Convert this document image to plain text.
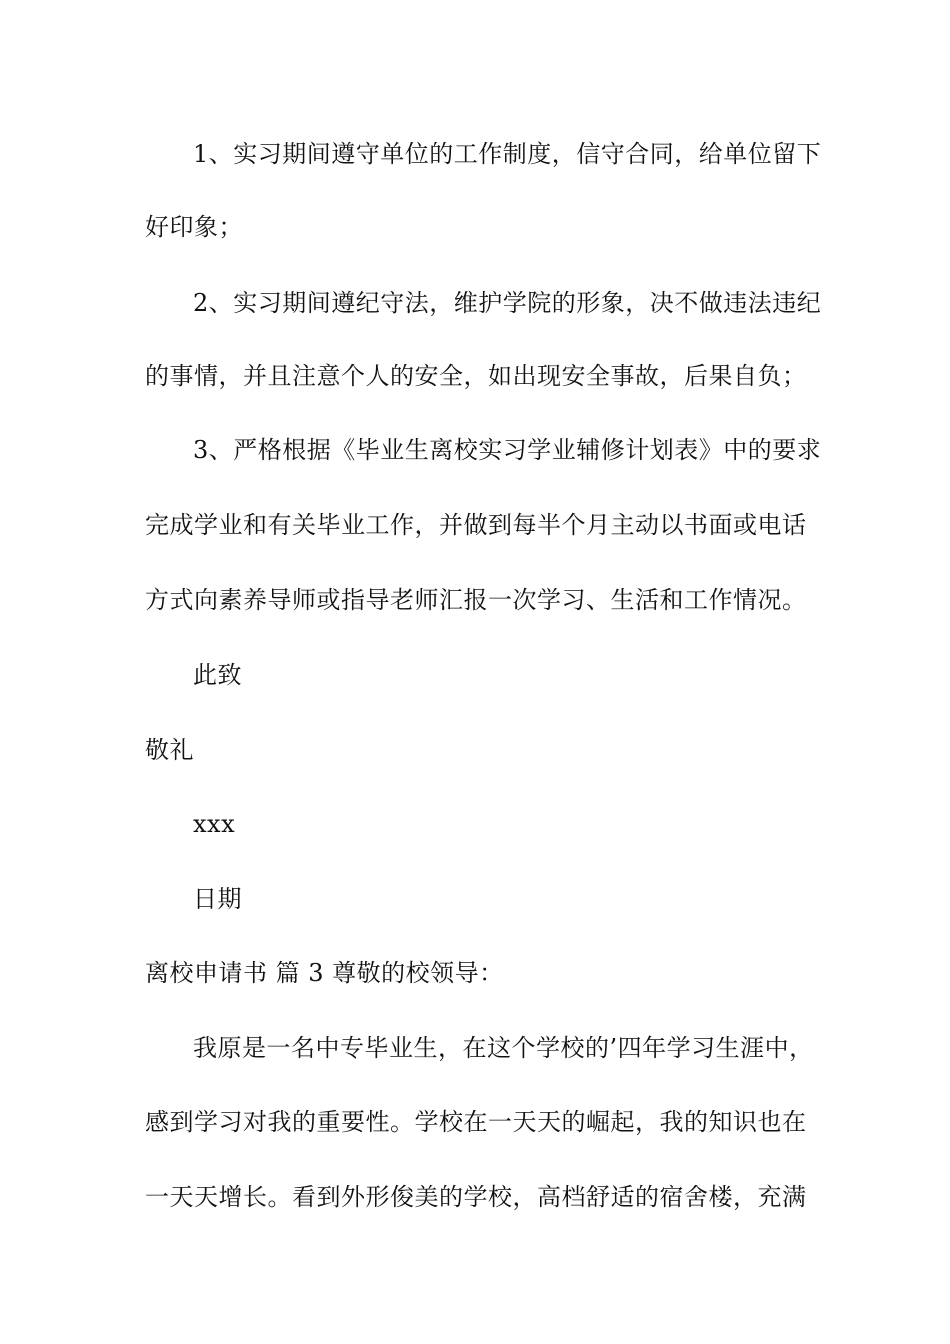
1、实习期间遵守单位的工作制度，信守合同，给单位留下
好印象；
2、实习期间遵纪守法，维护学院的形象，决不做违法违纪
的事情，并且注意个人的安全，如出现安全事故，后果自负；
3、严格根据《毕业生离校实习学业辅修计划表》中的要求
完成学业和有关毕业工作，并做到每半个月主动以书面或电话
方式向素养导师或指导老师汇报一次学习、生活和工作情况。
此致
敬礼
xxx
日期
离校申请书 篇 3 尊敬的校领导：
我原是一名中专毕业生，在这个学校的’四年学习生涯中，
感到学习对我的重要性。学校在一天天的崛起，我的知识也在
一天天增长。看到外形俊美的学校，高档舒适的宿舍楼，充满
